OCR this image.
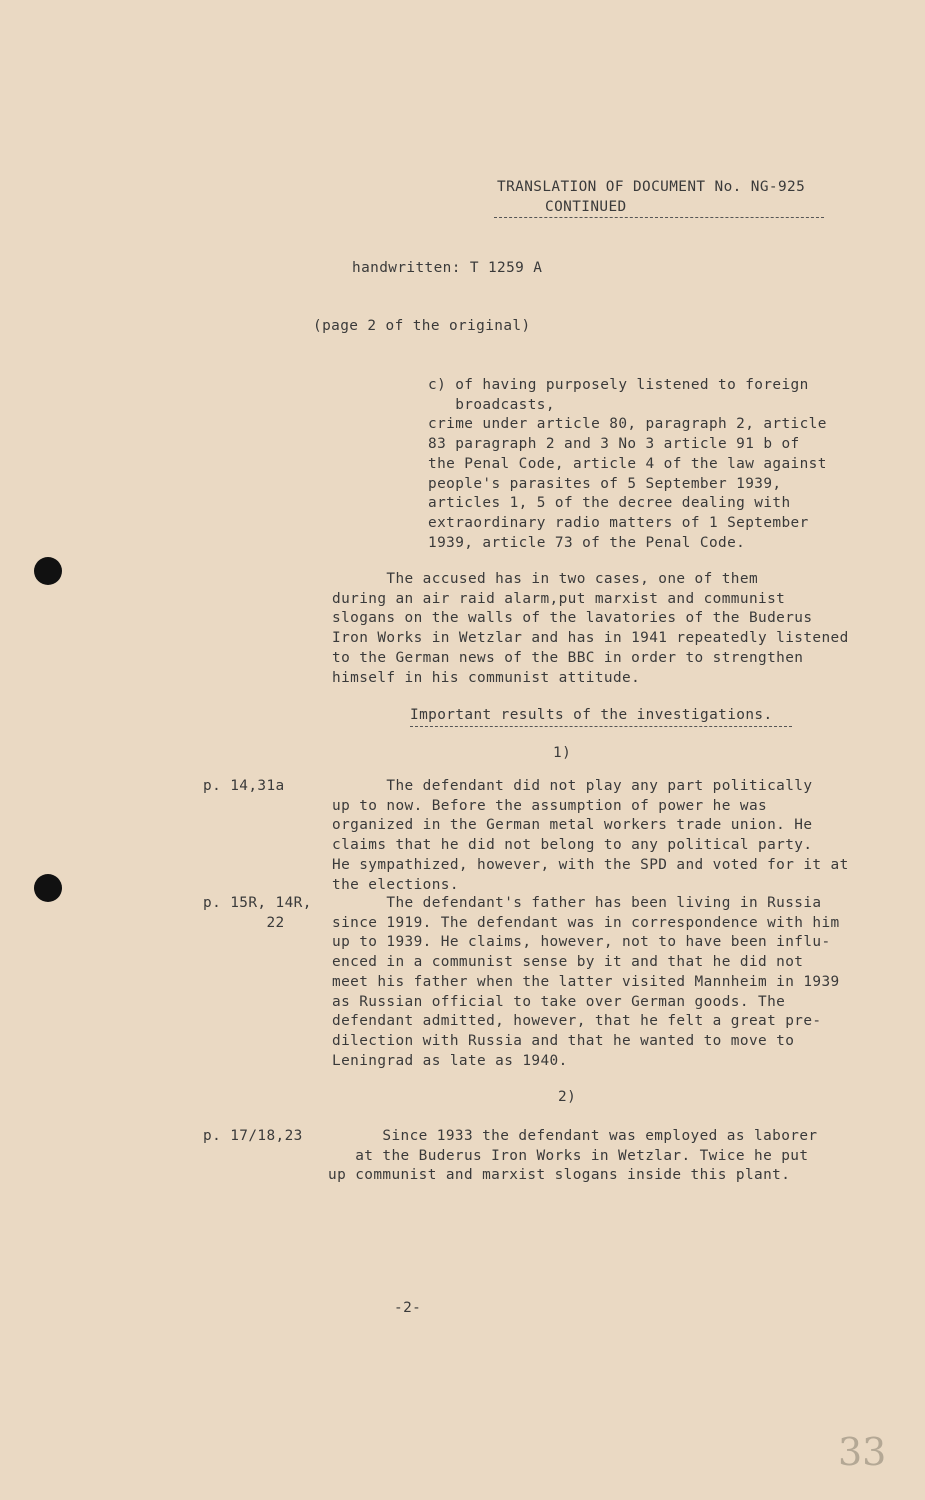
TRANSLATION OF DOCUMENT No. NG-925
CONTINUED
handwritten: T 1259 A
(page 2 of the original)
c) of having purposely listened to foreign
broadcasts,
crime under article 80, paragraph 2, article
83 paragraph 2 and 3 No 3 article 91 b of
the Penal Code, article 4 of the law against
people's parasites of 5 September 1939,
articles 1, 5 of the decree dealing with
extraordinary radio matters of 1 September
1939, article 73 of the Penal Code.
The accused has in two cases, one of them
during an air raid alarm,put marxist and communist
slogans on the walls of the lavatories of the Buderus
Iron Works in Wetzlar and has in 1941 repeatedly listened
to the German news of the BBC in order to strengthen
himself in his communist attitude.
Important results of the investigations.
1)
p. 14,31a	The defendant did not play any part politically
up to now. Before the assumption of power he was
organized in the German metal workers trade union. He
claims that he did not belong to any political party.
He sympathized, however, with the SPD and voted for it at
the elections.
p. 15R, 14R,
22
The defendant's father has been living in Russia
since 1919. The defendant was in correspondence with him
up to 1939. He claims, however, not to have been influ-
enced in a communist sense by it and that he did not
meet his father when the latter visited Mannheim in 1939
as Russian official to take over German goods. The
defendant admitted, however, that he felt a great pre-
dilection with Russia and that he wanted to move to
Leningrad as late as 1940.
2)
p. 17/18,23	Since 1933 the defendant was employed as laborer
at the Buderus Iron Works in Wetzlar. Twice he put
up communist and marxist slogans inside this plant.
-2-
33
